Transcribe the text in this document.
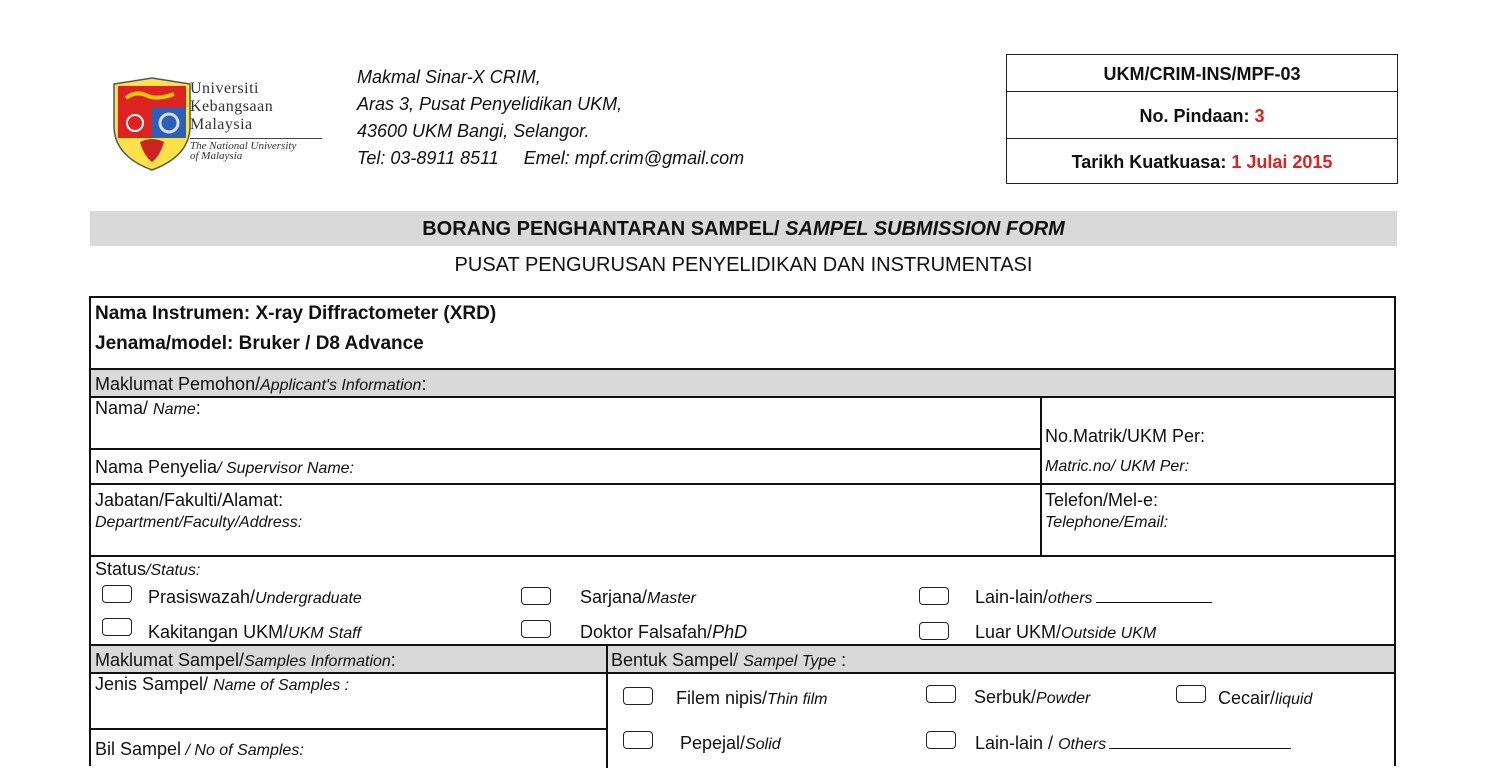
Universiti
Kebangsaan
Malaysia
The National University
of Malaysia
Makmal Sinar-X CRIM,
Aras 3, Pusat Penyelidikan UKM,
43600 UKM Bangi, Selangor.
Tel: 03-8911 8511     Emel: mpf.crim@gmail.com
UKM/CRIM-INS/MPF-03
No. Pindaan: 3
Tarikh Kuatkuasa: 1 Julai 2015
BORANG PENGHANTARAN SAMPEL/ SAMPEL SUBMISSION FORM
PUSAT PENGURUSAN PENYELIDIKAN DAN INSTRUMENTASI
Nama Instrumen: X-ray Diffractometer (XRD)
Jenama/model: Bruker / D8 Advance
Maklumat Pemohon/Applicant's Information:
Nama/ Name:
Nama Penyelia/ Supervisor Name:
No.Matrik/UKM Per:
Matric.no/ UKM Per:
Jabatan/Fakulti/Alamat:
Department/Faculty/Address:
Telefon/Mel-e:
Telephone/Email:
Status/Status:
Prasiswazah/Undergraduate	Sarjana/Master	Lain-lain/others
Kakitangan UKM/UKM Staff	Doktor Falsafah/PhD	Luar UKM/Outside UKM
Maklumat Sampel/Samples Information:	Bentuk Sampel/ Sampel Type :
Jenis Sampel/ Name of Samples :
Bil Sampel / No of Samples:
Filem nipis/Thin film	Serbuk/Powder	Cecair/liquid
Pepejal/Solid	Lain-lain / Others
